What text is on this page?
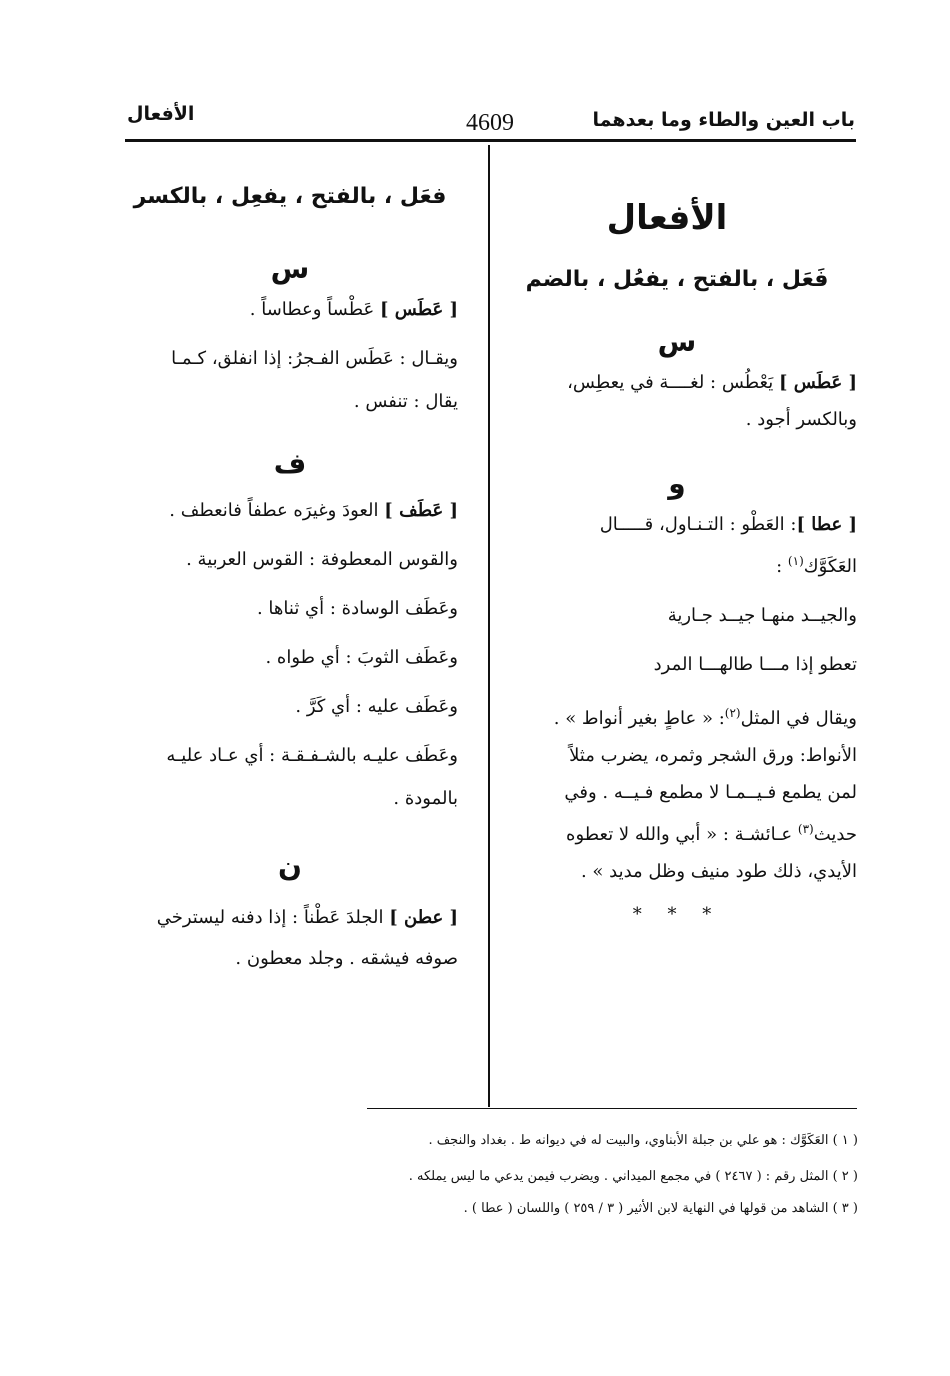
باب العين والطاء وما بعدهما
4609
الأفعال

الأفعال

فَعَل ، بالفتح ، يفعُل ، بالضم

س

[ عَطَس ] يَعْطُس : لغــــة في يعطِس،

وبالكسر أجود .

و

[ عطا ]: العَطْو : التـنـاول، قـــــال

العَكَوَّك$^{(١)}$ :

والجيــد منهـا جيــد جـارية

تعطو إذا مـــا طالهـــا المرد

ويقال في المثل$^{(٢)}$: « عاطٍ بغير أنواط » .

الأنواط: ورق الشجر وثمره، يضرب مثلاً

لمن يطمع فـيــمـا لا مطمع فـيــه . وفي

حديث$^{(٣)}$ عـائشـة : « أبي والله لا تعطوه

الأيدي، ذلك طود منيف وظل مديد » .

* * *

فعَل ، بالفتح ، يفعِل ، بالكسر

س

[ عَطَس ] عَطْساً وعطاساً .

ويقـال : عَطَس الفـجرُ: إذا انفلق، كـمـا

يقال : تنفس .

ف

[ عَطَف ] العودَ وغيرَه عطفاً فانعطف .

والقوس المعطوفة : القوس العربية .

وعَطَف الوسادة : أي ثناها .

وعَطَف الثوبَ : أي طواه .

وعَطَف عليه : أي كَرَّ .

وعَطَف عليـه بالشـفـقـة : أي عـاد عليـه

بالمودة .

ن

[ عطن ] الجلدَ عَطْناً : إذا دفنه ليسترخي

صوفه فيشقه . وجلد معطون .

( ١ ) العَكَوَّك : هو علي بن جبلة الأبناوي، والبيت له في ديوانه ط . بغداد والنجف .
( ٢ ) المثل رقم : ( ٢٤٦٧ ) في مجمع الميداني . ويضرب فيمن يدعي ما ليس يملكه .
( ٣ ) الشاهد من قولها في النهاية لابن الأثير ( ٣ / ٢٥٩ ) واللسان ( عطا ) .
